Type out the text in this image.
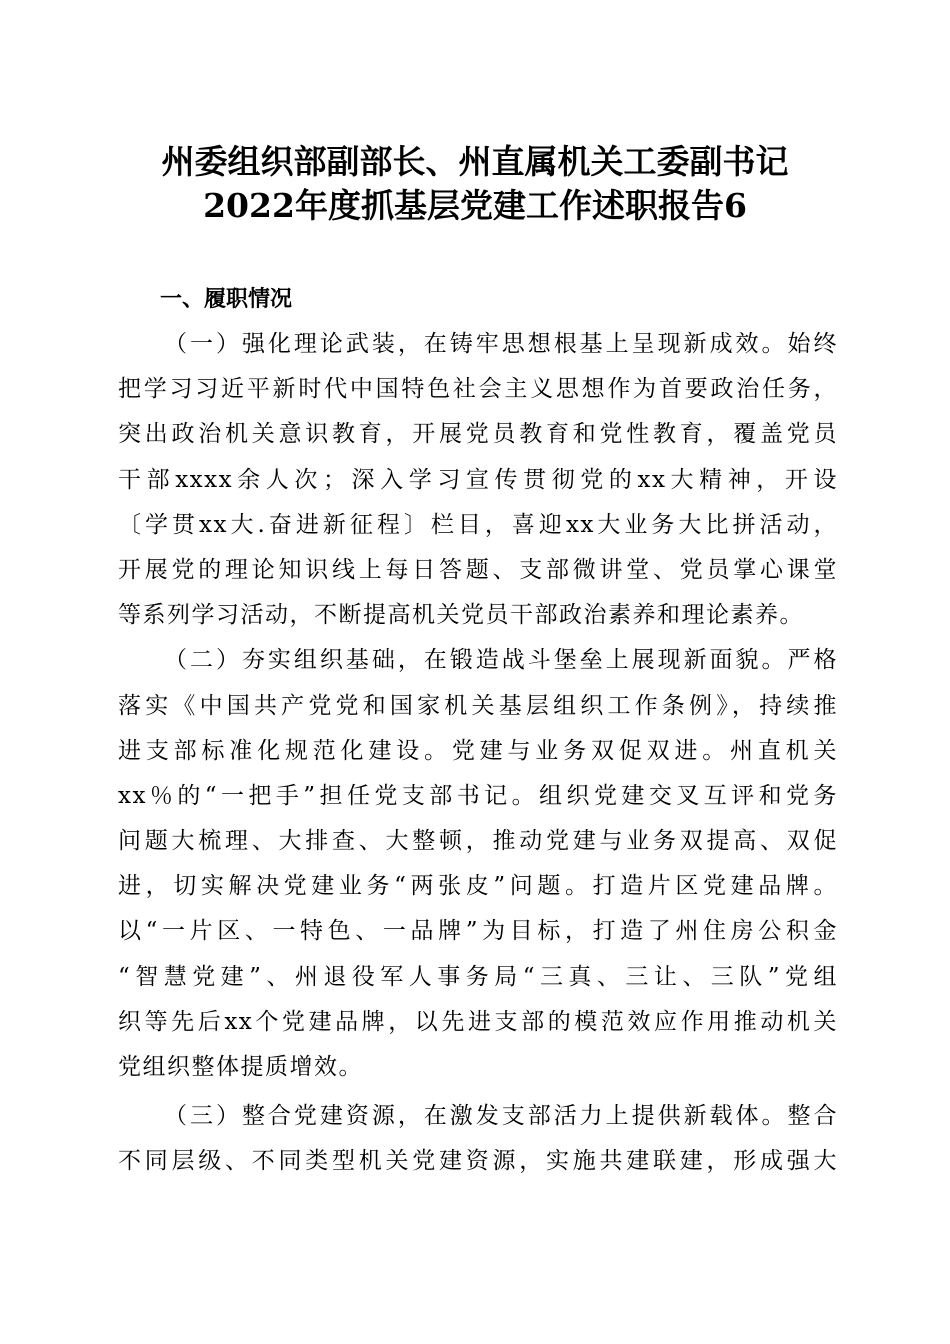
州委组织部副部长、州直属机关工委副书记
2022年度抓基层党建工作述职报告6
一、履职情况
（一）强化理论武装，在铸牢思想根基上呈现新成效。始终
把学习习近平新时代中国特色社会主义思想作为首要政治任务，
突出政治机关意识教育，开展党员教育和党性教育，覆盖党员
干部xxxx余人次；深入学习宣传贯彻党的xx大精神，开设
〔学贯xx大.奋进新征程〕栏目，喜迎xx大业务大比拼活动，
开展党的理论知识线上每日答题、支部微讲堂、党员掌心课堂
等系列学习活动，不断提高机关党员干部政治素养和理论素养。
（二）夯实组织基础，在锻造战斗堡垒上展现新面貌。严格
落实《中国共产党党和国家机关基层组织工作条例》，持续推
进支部标准化规范化建设。党建与业务双促双进。州直机关
xx％的“一把手”担任党支部书记。组织党建交叉互评和党务
问题大梳理、大排查、大整顿，推动党建与业务双提高、双促
进，切实解决党建业务“两张皮”问题。打造片区党建品牌。
以“一片区、一特色、一品牌”为目标，打造了州住房公积金
“智慧党建”、州退役军人事务局“三真、三让、三队”党组
织等先后xx个党建品牌，以先进支部的模范效应作用推动机关
党组织整体提质增效。
（三）整合党建资源，在激发支部活力上提供新载体。整合
不同层级、不同类型机关党建资源，实施共建联建，形成强大
